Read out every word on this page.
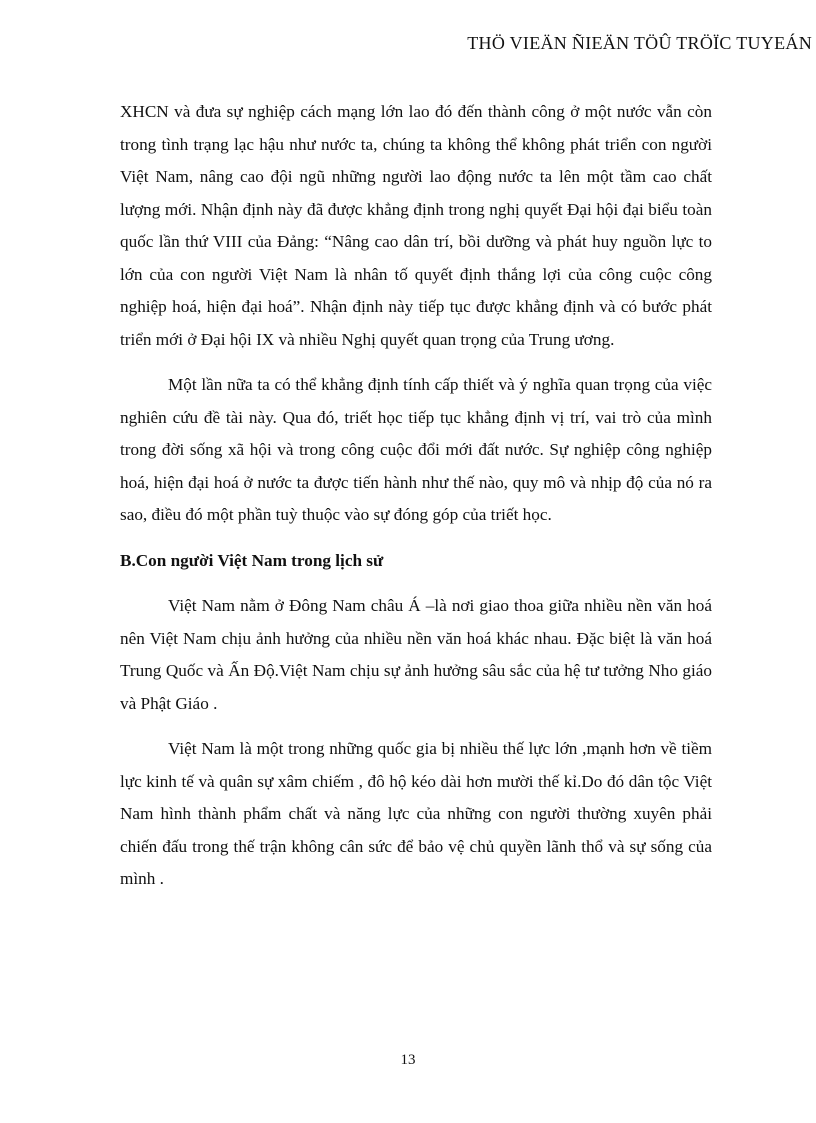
THÖ VIEÄN ÑIEÄN TÖÛ TRÖÏC TUYEÁN

XHCN và đưa sự nghiệp cách mạng lớn lao đó đến thành công ở một nước vẫn còn trong tình trạng lạc hậu như nước ta, chúng ta không thể không phát triển con người Việt Nam, nâng cao đội ngũ những người lao động nước ta lên một tầm cao chất lượng mới. Nhận định này đã được khẳng định trong nghị quyết Đại hội đại biểu toàn quốc lần thứ VIII của Đảng: “Nâng cao dân trí, bồi dưỡng và phát huy nguồn lực to lớn của con người Việt Nam là nhân tố quyết định thắng lợi của công cuộc công nghiệp hoá, hiện đại hoá”. Nhận định này tiếp tục được khẳng định và có bước phát triển mới ở Đại hội IX và nhiều Nghị quyết quan trọng của Trung ương.

Một lần nữa ta có thể khẳng định tính cấp thiết và ý nghĩa quan trọng của việc nghiên cứu đề tài này. Qua đó, triết học tiếp tục khẳng định vị trí, vai trò của mình trong đời sống xã hội và trong công cuộc đổi mới đất nước. Sự nghiệp công nghiệp hoá, hiện đại hoá ở nước ta được tiến hành như thế nào, quy mô và nhịp độ của nó ra sao, điều đó một phần tuỳ thuộc vào sự đóng góp của triết học.

B.Con người Việt Nam trong lịch sử

Việt Nam nằm ở Đông Nam châu Á –là nơi giao thoa giữa nhiều nền văn hoá nên Việt Nam chịu ảnh hưởng của nhiều nền văn hoá khác nhau. Đặc biệt là văn hoá Trung Quốc và Ấn Độ.Việt Nam chịu sự ảnh hưởng sâu sắc của hệ tư tưởng Nho giáo và Phật Giáo .

Việt Nam là một trong những quốc gia bị nhiều thế lực lớn ,mạnh hơn về tiềm lực kinh tế và quân sự xâm chiếm , đô hộ kéo dài hơn mười thế kỉ.Do đó dân tộc Việt Nam hình thành phẩm chất và năng lực của những con người thường xuyên phải chiến đấu trong thế trận không cân sức để bảo vệ chủ quyền lãnh thổ và sự sống của mình .

13
